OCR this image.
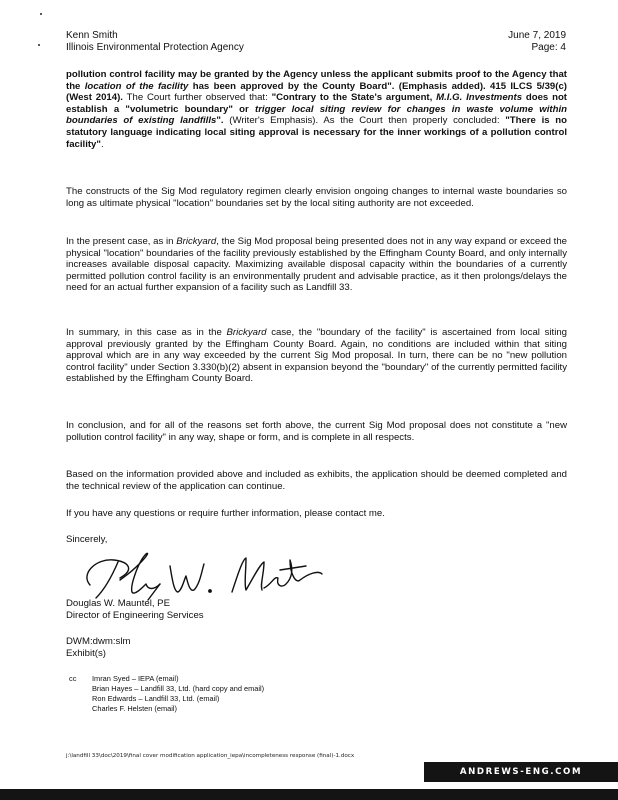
Kenn Smith
Illinois Environmental Protection Agency
June 7, 2019
Page: 4
pollution control facility may be granted by the Agency unless the applicant submits proof to the Agency that the location of the facility has been approved by the County Board". (Emphasis added). 415 ILCS 5/39(c) (West 2014). The Court further observed that: "Contrary to the State's argument, M.I.G. Investments does not establish a "volumetric boundary" or trigger local siting review for changes in waste volume within boundaries of existing landfills". (Writer's Emphasis). As the Court then properly concluded: "There is no statutory language indicating local siting approval is necessary for the inner workings of a pollution control facility".
The constructs of the Sig Mod regulatory regimen clearly envision ongoing changes to internal waste boundaries so long as ultimate physical "location" boundaries set by the local siting authority are not exceeded.
In the present case, as in Brickyard, the Sig Mod proposal being presented does not in any way expand or exceed the physical "location" boundaries of the facility previously established by the Effingham County Board, and only internally increases available disposal capacity. Maximizing available disposal capacity within the boundaries of a currently permitted pollution control facility is an environmentally prudent and advisable practice, as it then prolongs/delays the need for an actual further expansion of a facility such as Landfill 33.
In summary, in this case as in the Brickyard case, the "boundary of the facility" is ascertained from local siting approval previously granted by the Effingham County Board. Again, no conditions are included within that siting approval which are in any way exceeded by the current Sig Mod proposal. In turn, there can be no "new pollution control facility" under Section 3.330(b)(2) absent in expansion beyond the "boundary" of the currently permitted facility established by the Effingham County Board.
In conclusion, and for all of the reasons set forth above, the current Sig Mod proposal does not constitute a "new pollution control facility" in any way, shape or form, and is complete in all respects.
Based on the information provided above and included as exhibits, the application should be deemed completed and the technical review of the application can continue.
If you have any questions or require further information, please contact me.
Sincerely,
Douglas W. Mauntel, PE
Director of Engineering Services
DWM:dwm:slm
Exhibit(s)
cc Imran Syed – IEPA (email)
Brian Hayes – Landfill 33, Ltd. (hard copy and email)
Ron Edwards – Landfill 33, Ltd. (email)
Charles F. Helsten (email)
j:\landfill 33\doc\2019\final cover modification application_iepa\incompleteness response (final)-1.docx
ANDREWS-ENG.COM
